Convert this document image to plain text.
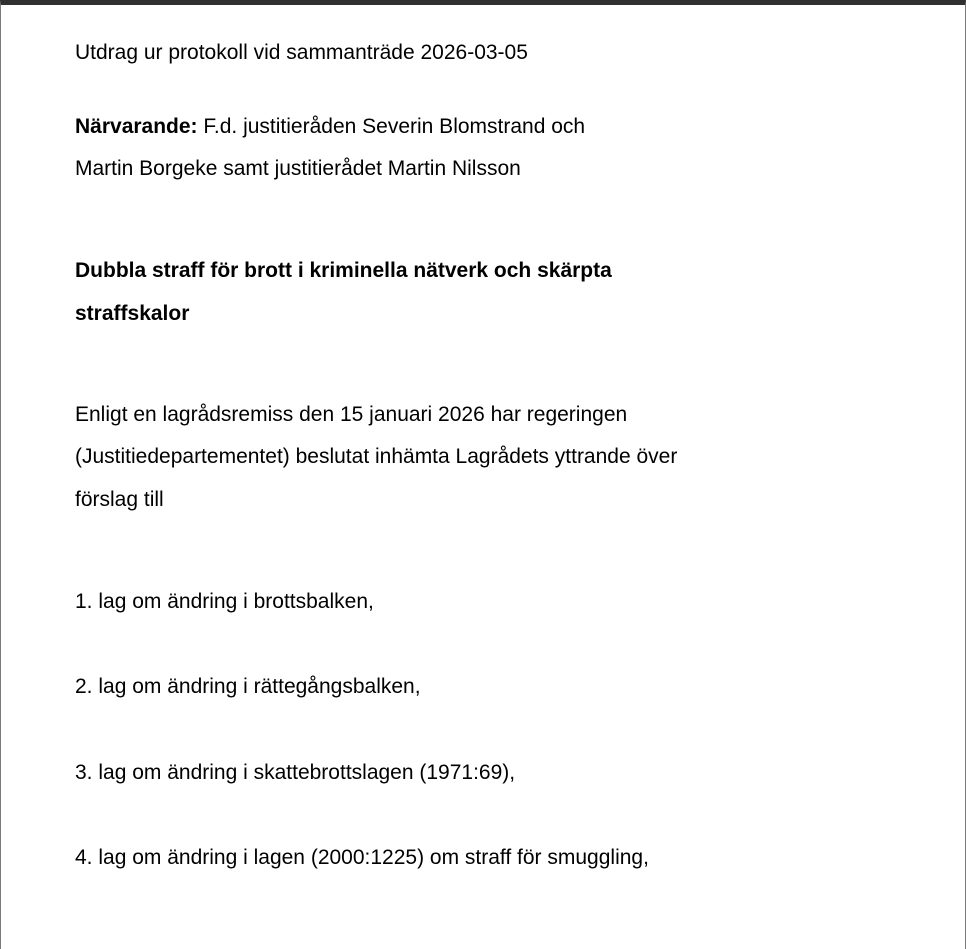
Utdrag ur protokoll vid sammanträde 2026-03-05
Närvarande: F.d. justitieråden Severin Blomstrand och
Martin Borgeke samt justitierådet Martin Nilsson
Dubbla straff för brott i kriminella nätverk och skärpta
straffskalor
Enligt en lagrådsremiss den 15 januari 2026 har regeringen
(Justitiedepartementet) beslutat inhämta Lagrådets yttrande över
förslag till
1. lag om ändring i brottsbalken,
2. lag om ändring i rättegångsbalken,
3. lag om ändring i skattebrottslagen (1971:69),
4. lag om ändring i lagen (2000:1225) om straff för smuggling,
